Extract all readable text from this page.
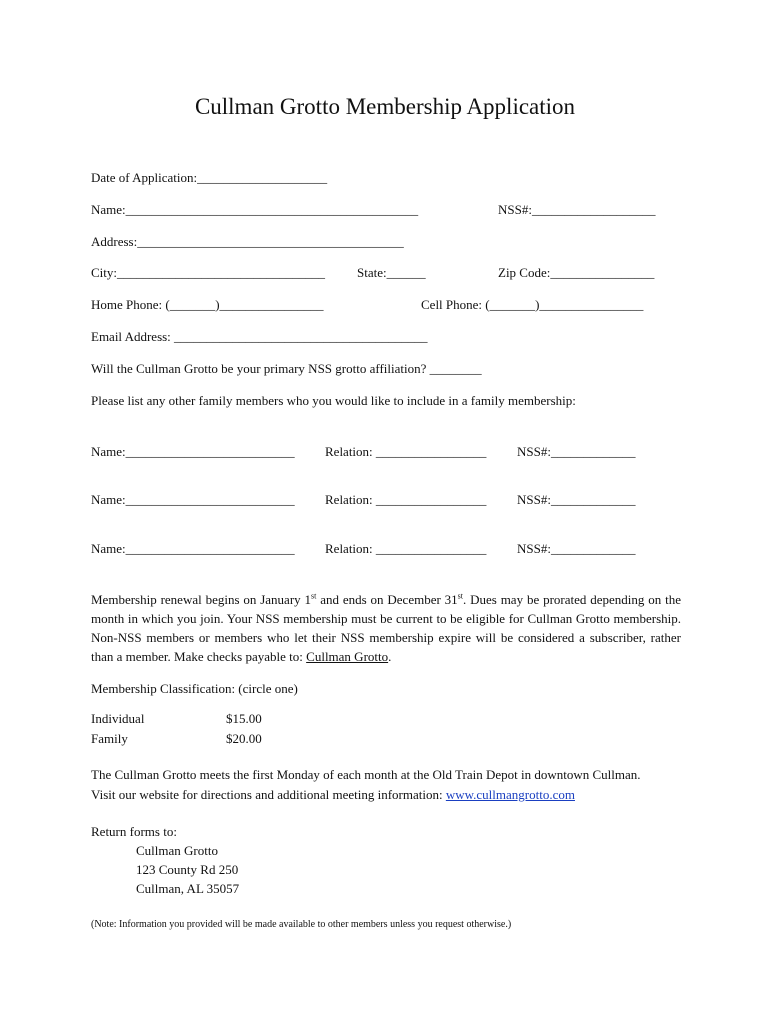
Cullman Grotto Membership Application
Date of Application:____________________
Name:_____________________________________________	NSS#:___________________
Address:_________________________________________
City:________________________________ State:______	Zip Code:________________
Home Phone: (_______)________________	Cell Phone: (_______)________________
Email Address: _______________________________________
Will the Cullman Grotto be your primary NSS grotto affiliation? ________
Please list any other family members who you would like to include in a family membership:
Name:__________________________ Relation: _________________ NSS#:_____________
Name:__________________________ Relation: _________________ NSS#:_____________
Name:__________________________ Relation: _________________ NSS#:_____________
Membership renewal begins on January 1st and ends on December 31st. Dues may be prorated depending on the month in which you join. Your NSS membership must be current to be eligible for Cullman Grotto membership. Non-NSS members or members who let their NSS membership expire will be considered a subscriber, rather than a member. Make checks payable to: Cullman Grotto.
Membership Classification: (circle one)
Individual	$15.00
Family	$20.00
The Cullman Grotto meets the first Monday of each month at the Old Train Depot in downtown Cullman.
Visit our website for directions and additional meeting information: www.cullmangrotto.com
Return forms to:
Cullman Grotto
123 County Rd 250
Cullman, AL 35057
(Note: Information you provided will be made available to other members unless you request otherwise.)
